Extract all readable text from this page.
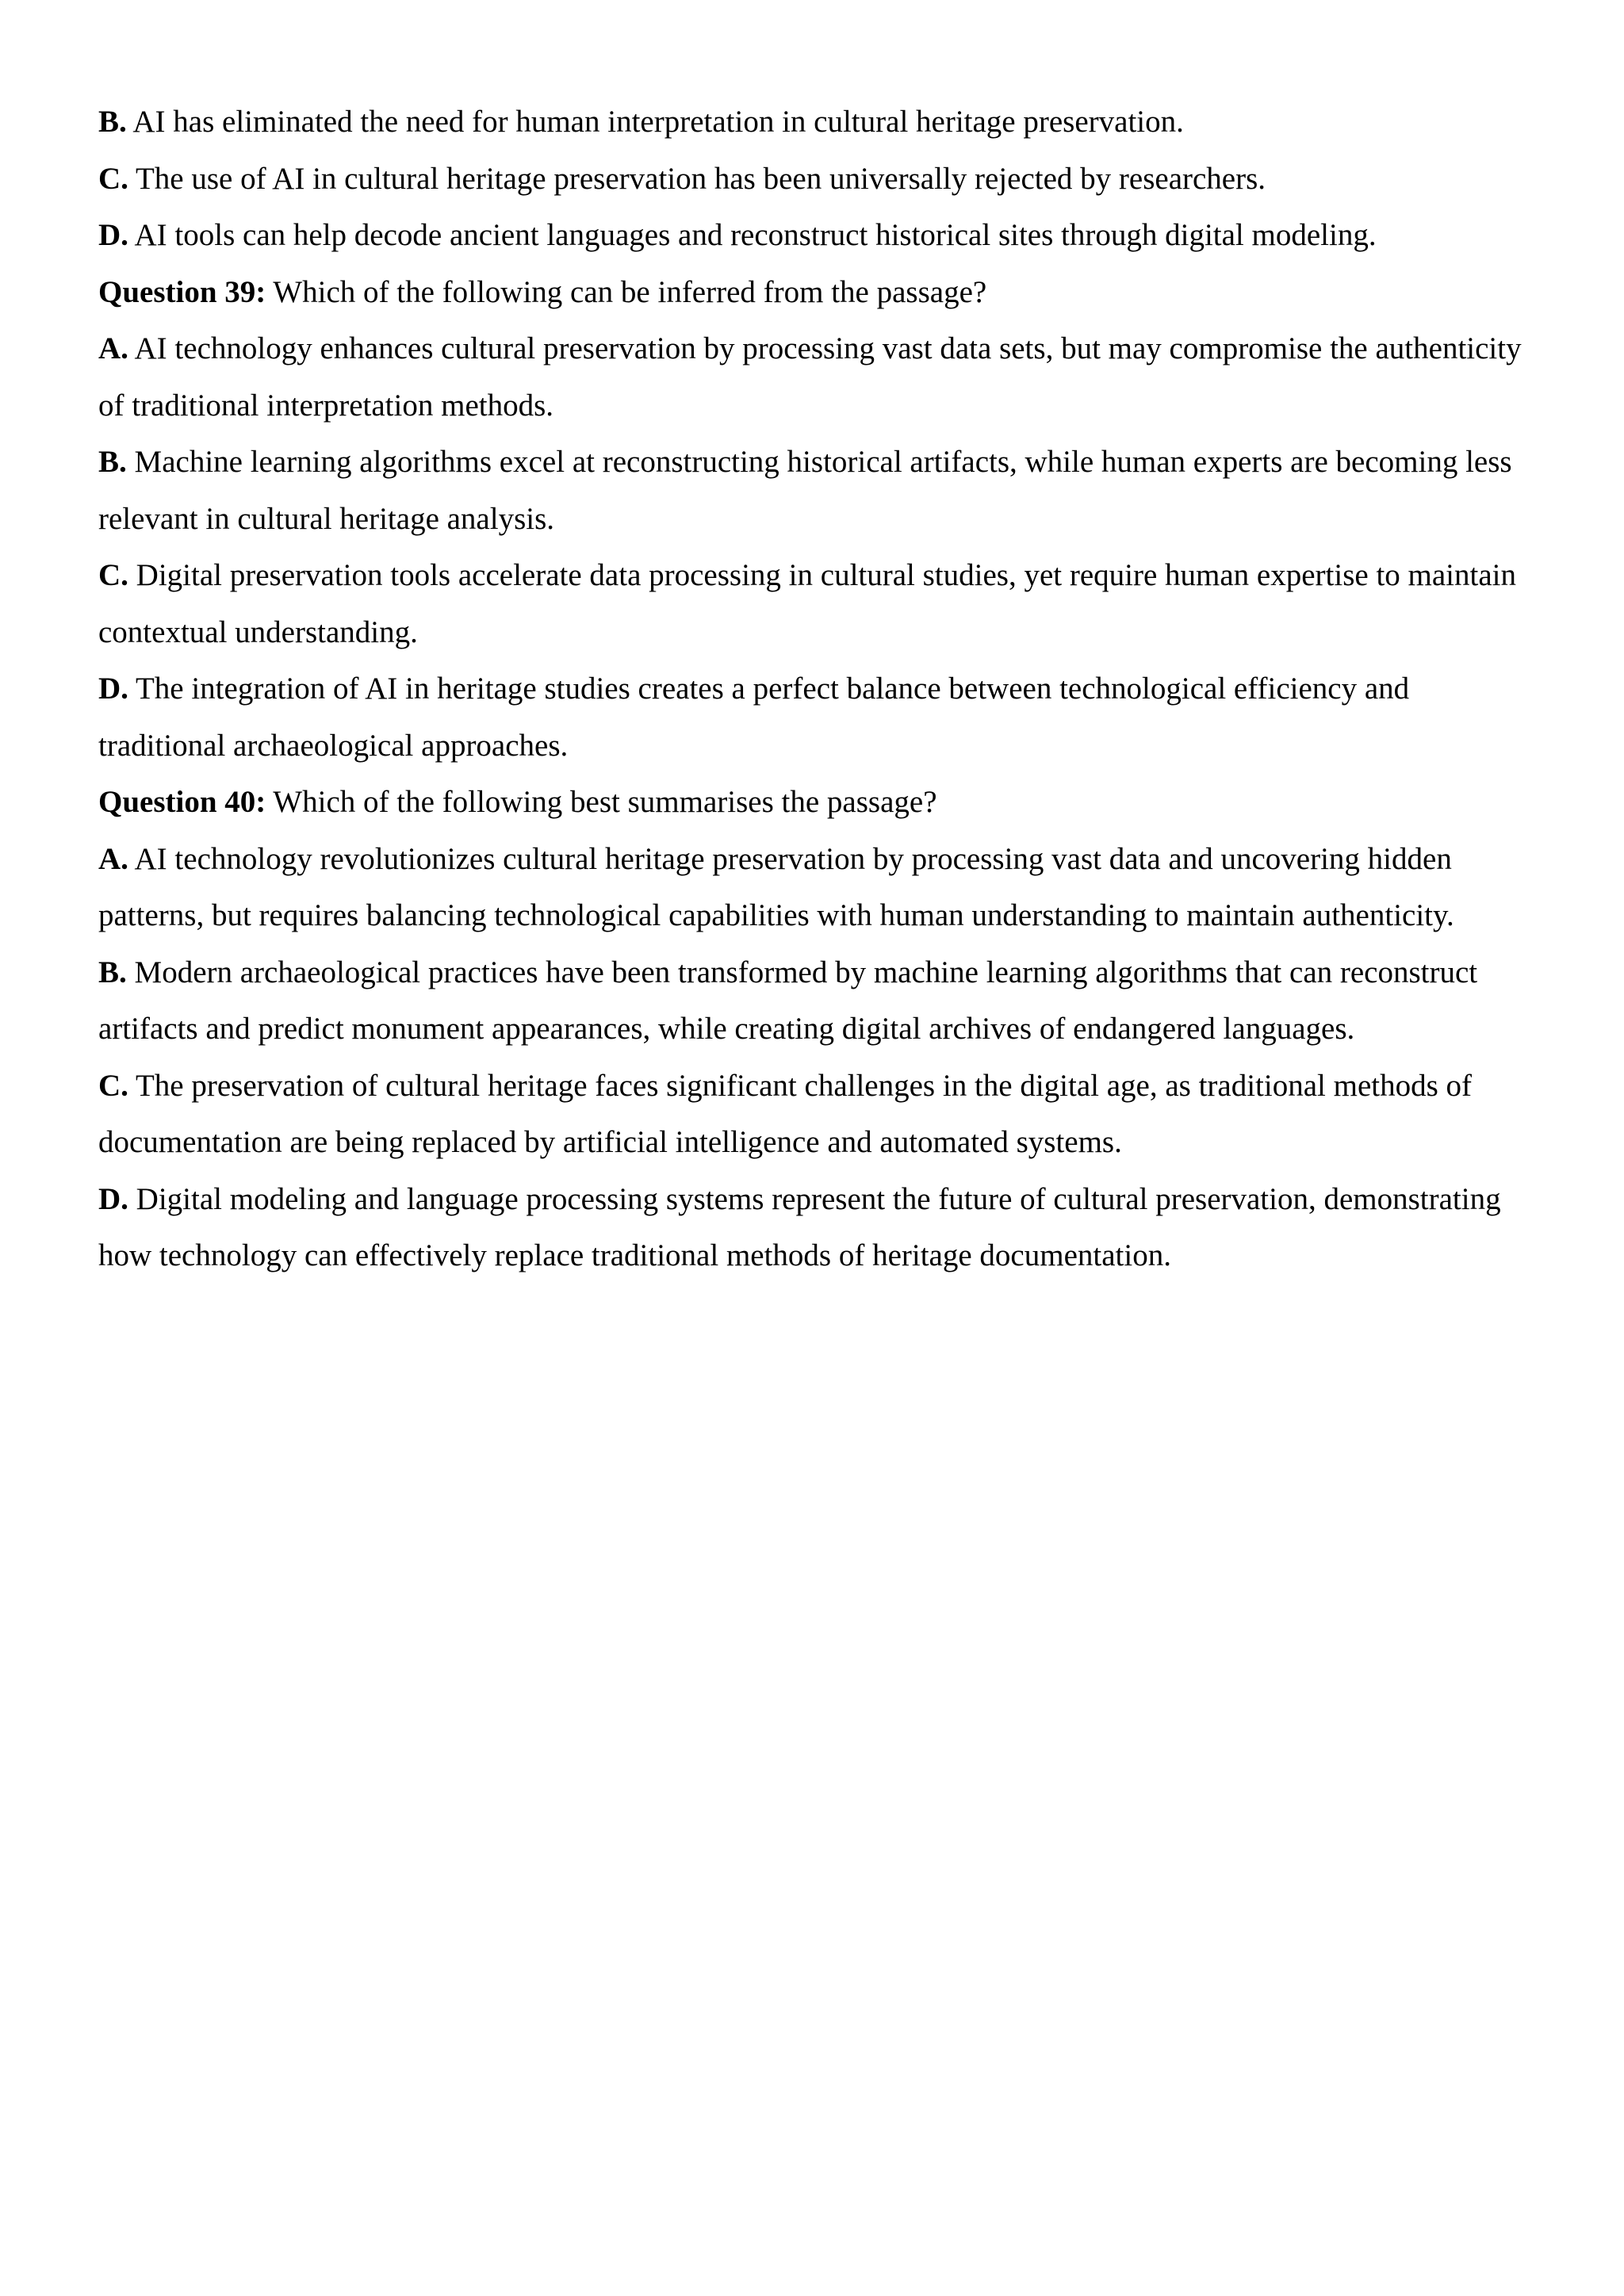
B. AI has eliminated the need for human interpretation in cultural heritage preservation.

C. The use of AI in cultural heritage preservation has been universally rejected by researchers.

D. AI tools can help decode ancient languages and reconstruct historical sites through digital modeling.

Question 39: Which of the following can be inferred from the passage?

A. AI technology enhances cultural preservation by processing vast data sets, but may compromise the authenticity of traditional interpretation methods.

B. Machine learning algorithms excel at reconstructing historical artifacts, while human experts are becoming less relevant in cultural heritage analysis.

C. Digital preservation tools accelerate data processing in cultural studies, yet require human expertise to maintain contextual understanding.

D. The integration of AI in heritage studies creates a perfect balance between technological efficiency and traditional archaeological approaches.

Question 40: Which of the following best summarises the passage?

A. AI technology revolutionizes cultural heritage preservation by processing vast data and uncovering hidden patterns, but requires balancing technological capabilities with human understanding to maintain authenticity.

B. Modern archaeological practices have been transformed by machine learning algorithms that can reconstruct artifacts and predict monument appearances, while creating digital archives of endangered languages.

C. The preservation of cultural heritage faces significant challenges in the digital age, as traditional methods of documentation are being replaced by artificial intelligence and automated systems.

D. Digital modeling and language processing systems represent the future of cultural preservation, demonstrating how technology can effectively replace traditional methods of heritage documentation.
